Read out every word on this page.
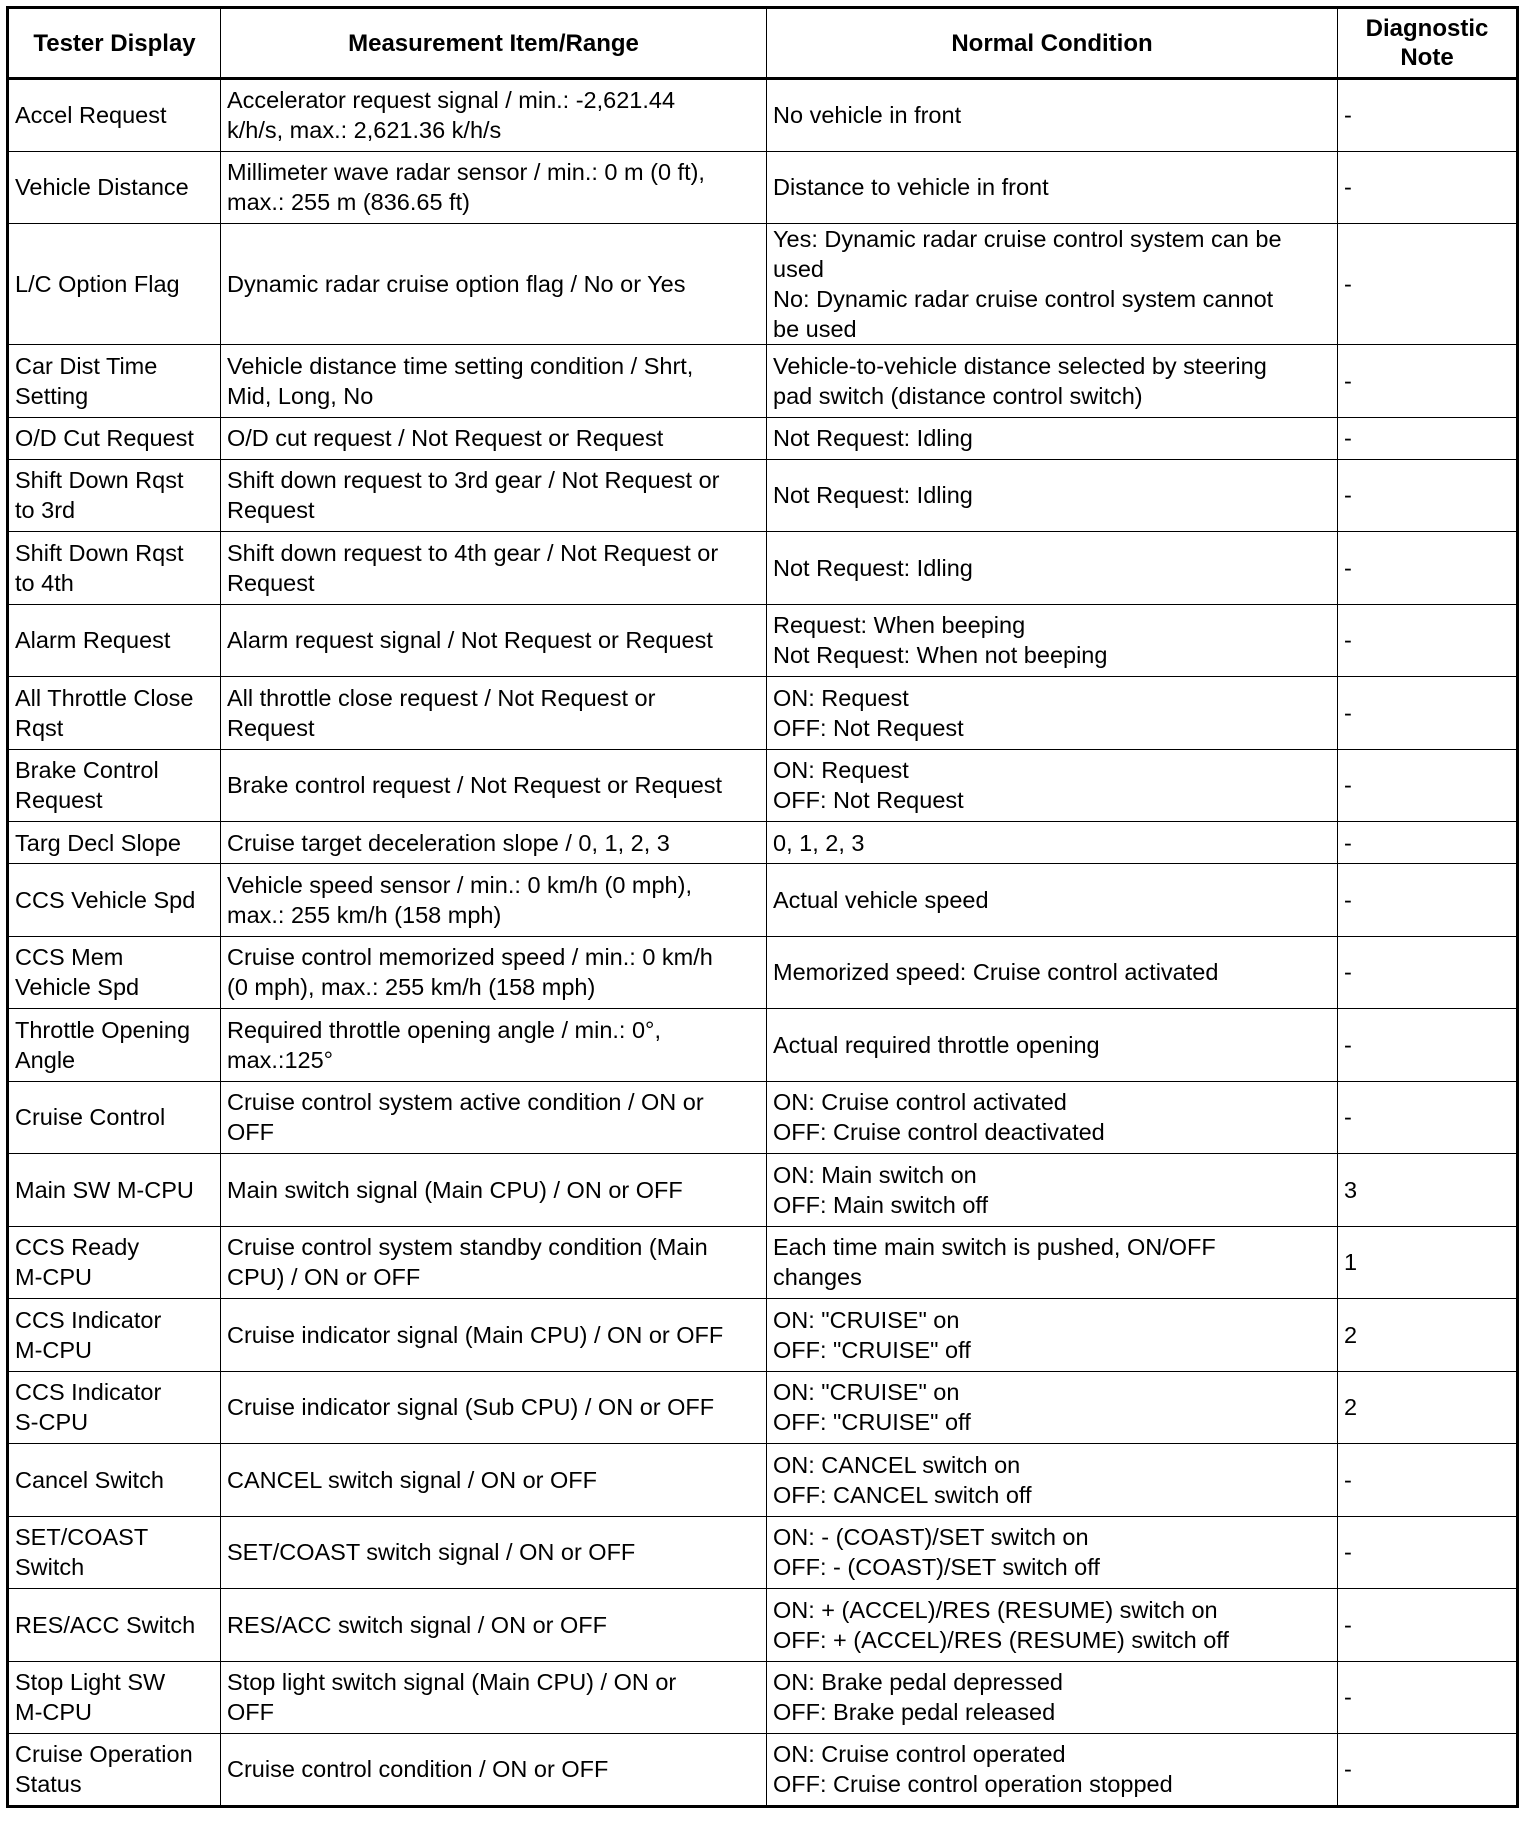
Tester Display	Measurement Item/Range	Normal Condition	Diagnostic
Note
Accel Request	Accelerator request signal / min.: -2,621.44
k/h/s, max.: 2,621.36 k/h/s	No vehicle in front	-
Vehicle Distance	Millimeter wave radar sensor / min.: 0 m (0 ft),
max.: 255 m (836.65 ft)	Distance to vehicle in front	-
L/C Option Flag	Dynamic radar cruise option flag / No or Yes	Yes: Dynamic radar cruise control system can be
used
No: Dynamic radar cruise control system cannot
be used	-
Car Dist Time
Setting	Vehicle distance time setting condition / Shrt,
Mid, Long, No	Vehicle-to-vehicle distance selected by steering
pad switch (distance control switch)	-
O/D Cut Request	O/D cut request / Not Request or Request	Not Request: Idling	-
Shift Down Rqst
to 3rd	Shift down request to 3rd gear / Not Request or
Request	Not Request: Idling	-
Shift Down Rqst
to 4th	Shift down request to 4th gear / Not Request or
Request	Not Request: Idling	-
Alarm Request	Alarm request signal / Not Request or Request	Request: When beeping
Not Request: When not beeping	-
All Throttle Close
Rqst	All throttle close request / Not Request or
Request	ON: Request
OFF: Not Request	-
Brake Control
Request	Brake control request / Not Request or Request	ON: Request
OFF: Not Request	-
Targ Decl Slope	Cruise target deceleration slope / 0, 1, 2, 3	0, 1, 2, 3	-
CCS Vehicle Spd	Vehicle speed sensor / min.: 0 km/h (0 mph),
max.: 255 km/h (158 mph)	Actual vehicle speed	-
CCS Mem
Vehicle Spd	Cruise control memorized speed / min.: 0 km/h
(0 mph), max.: 255 km/h (158 mph)	Memorized speed: Cruise control activated	-
Throttle Opening
Angle	Required throttle opening angle / min.: 0°,
max.:125°	Actual required throttle opening	-
Cruise Control	Cruise control system active condition / ON or
OFF	ON: Cruise control activated
OFF: Cruise control deactivated	-
Main SW M-CPU	Main switch signal (Main CPU) / ON or OFF	ON: Main switch on
OFF: Main switch off	3
CCS Ready
M-CPU	Cruise control system standby condition (Main
CPU) / ON or OFF	Each time main switch is pushed, ON/OFF
changes	1
CCS Indicator
M-CPU	Cruise indicator signal (Main CPU) / ON or OFF	ON: "CRUISE" on
OFF: "CRUISE" off	2
CCS Indicator
S-CPU	Cruise indicator signal (Sub CPU) / ON or OFF	ON: "CRUISE" on
OFF: "CRUISE" off	2
Cancel Switch	CANCEL switch signal / ON or OFF	ON: CANCEL switch on
OFF: CANCEL switch off	-
SET/COAST
Switch	SET/COAST switch signal / ON or OFF	ON: - (COAST)/SET switch on
OFF: - (COAST)/SET switch off	-
RES/ACC Switch	RES/ACC switch signal / ON or OFF	ON: + (ACCEL)/RES (RESUME) switch on
OFF: + (ACCEL)/RES (RESUME) switch off	-
Stop Light SW
M-CPU	Stop light switch signal (Main CPU) / ON or
OFF	ON: Brake pedal depressed
OFF: Brake pedal released	-
Cruise Operation
Status	Cruise control condition / ON or OFF	ON: Cruise control operated
OFF: Cruise control operation stopped	-
